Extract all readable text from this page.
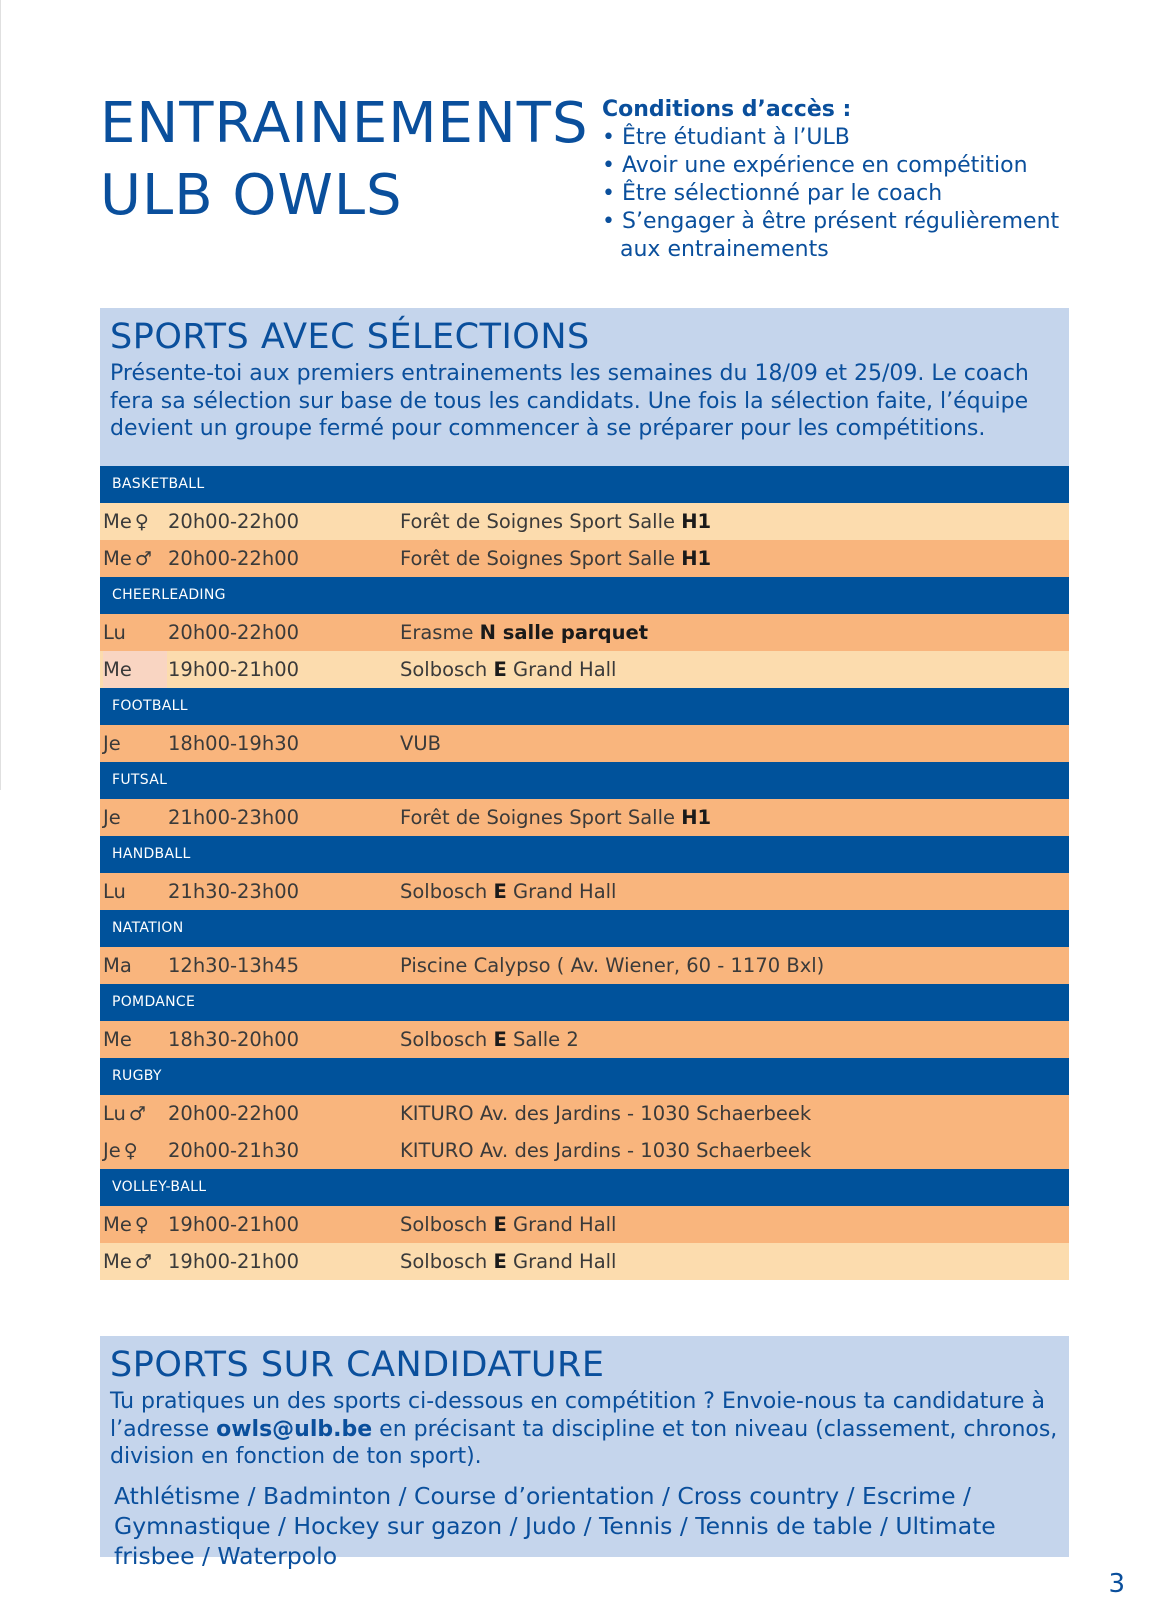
ENTRAINEMENTS
ULB OWLS

Conditions d’accès :

• Être étudiant à l’ULB
• Avoir une expérience en compétition
• Être sélectionné par le coach
• S’engager à être présent régulièrement aux entrainements
SPORTS AVEC SÉLECTIONS

Présente-toi aux premiers entrainements les semaines du 18/09 et 25/09. Le coach fera sa sélection sur base de tous les candidats. Une fois la sélection faite, l’équipe devient un groupe fermé pour commencer à se préparer pour les compétitions.

BASKETBALL
Me ♀ 20h00-22h00	Forêt de Soignes Sport Salle H1
Me ♂ 20h00-22h00	Forêt de Soignes Sport Salle H1
CHEERLEADING
Lu	20h00-22h00	Erasme N salle parquet
Me	19h00-21h00	Solbosch E Grand Hall
FOOTBALL
Je	18h00-19h30	VUB
FUTSAL
Je	21h00-23h00	Forêt de Soignes Sport Salle H1
HANDBALL
Lu	21h30-23h00	Solbosch E Grand Hall
NATATION
Ma	12h30-13h45	Piscine Calypso ( Av. Wiener, 60 - 1170 Bxl)
POMDANCE
Me	18h30-20h00	Solbosch E Salle 2
RUGBY
Lu ♂	20h00-22h00	KITURO Av. des Jardins - 1030 Schaerbeek
Je ♀	20h00-21h30	KITURO Av. des Jardins - 1030 Schaerbeek
VOLLEY-BALL
Me ♀ 19h00-21h00	Solbosch E Grand Hall
Me ♂ 19h00-21h00	Solbosch E Grand Hall
SPORTS SUR CANDIDATURE

Tu pratiques un des sports ci-dessous en compétition ? Envoie-nous ta candidature à l’adresse owls@ulb.be en précisant ta discipline et ton niveau (classement, chronos, division en fonction de ton sport).

Athlétisme / Badminton / Course d’orientation / Cross country / Escrime / Gymnastique / Hockey sur gazon / Judo / Tennis / Tennis de table / Ultimate frisbee / Waterpolo

3
